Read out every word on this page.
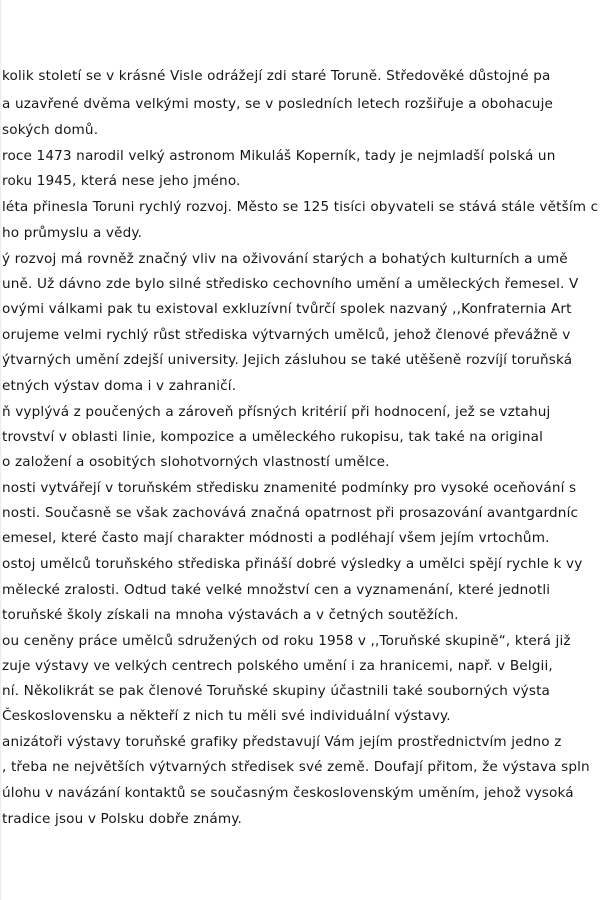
kolik století se v krásné Visle odrážejí zdi staré Toruně. Středověké důstojné pa
a uzavřené dvěma velkými mosty, se v posledních letech rozšiřuje a obohacuje
sokých domů.
roce 1473 narodil velký astronom Mikuláš Koperník, tady je nejmladší polská un
roku 1945, která nese jeho jméno.
léta přinesla Toruni rychlý rozvoj. Město se 125 tisíci obyvateli se stává stále větším c
ho průmyslu a vědy.
ý rozvoj má rovněž značný vliv na oživování starých a bohatých kulturních a umě
uně. Už dávno zde bylo silné středisko cechovního umění a uměleckých řemesel. V
ovými válkami pak tu existoval exkluzívní tvůrčí spolek nazvaný ,,Konfraternia Art
orujeme velmi rychlý růst střediska výtvarných umělců, jehož členové převážně v
ýtvarných umění zdejší university. Jejich zásluhou se také utěšeně rozvíjí toruňská
etných výstav doma i v zahraničí.
ň vyplývá z poučených a zároveň přísných kritérií při hodnocení, jež se vztahuj
trovství v oblasti linie, kompozice a uměleckého rukopisu, tak také na original
o založení a osobitých slohotvorných vlastností umělce.
nosti vytvářejí v toruňském středisku znamenité podmínky pro vysoké oceňování s
nosti. Současně se však zachovává značná opatrnost při prosazování avantgardníc
emesel, které často mají charakter módnosti a podléhají všem jejím vrtochům.
ostoj umělců toruňského střediska přináší dobré výsledky a umělci spějí rychle k vy
mělecké zralosti. Odtud také velké množství cen a vyznamenání, které jednotli
toruňské školy získali na mnoha výstavách a v četných soutěžích.
ou ceněny práce umělců sdružených od roku 1958 v ,,Toruňské skupině“, která již
zuje výstavy ve velkých centrech polského umění i za hranicemi, např. v Belgii,
ní. Několikrát se pak členové Toruňské skupiny účastnili také souborných výsta
Československu a někteří z nich tu měli své individuální výstavy.
anizátoři výstavy toruňské grafiky představují Vám jejím prostřednictvím jedno z
, třeba ne největších výtvarných středisek své země. Doufají přitom, že výstava spln
úlohu v navázání kontaktů se současným československým uměním, jehož vysoká
tradice jsou v Polsku dobře známy.
